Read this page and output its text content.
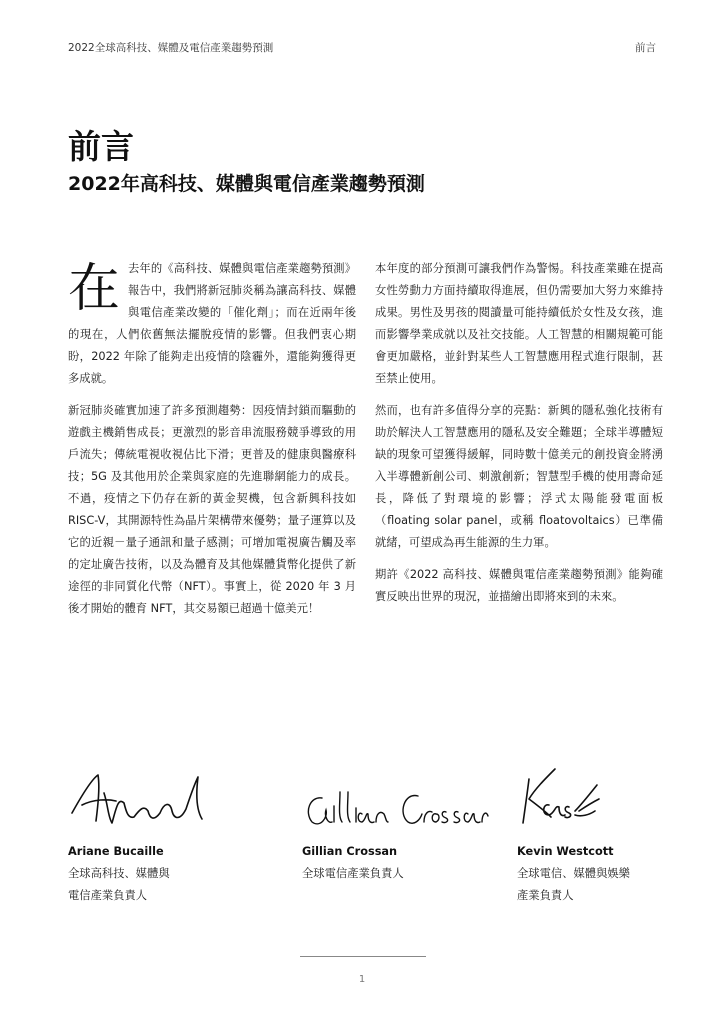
2022全球高科技、媒體及電信產業趨勢預測	前言
前言
2022年高科技、媒體與電信產業趨勢預測

在 去年的《高科技、媒體與電信產業趨勢預測》報告中，我們將新冠肺炎稱為讓高科技、媒體與電信產業改變的「催化劑」；而在近兩年後的現在，人們依舊無法擺脫疫情的影響。但我們衷心期盼，2022 年除了能夠走出疫情的陰霾外，還能夠獲得更多成就。

新冠肺炎確實加速了許多預測趨勢：因疫情封鎖而驅動的遊戲主機銷售成長；更激烈的影音串流服務競爭導致的用戶流失；傳統電視收視佔比下滑；更普及的健康與醫療科技；5G 及其他用於企業與家庭的先進聯網能力的成長。不過，疫情之下仍存在新的黃金契機，包含新興科技如 RISC-V，其開源特性為晶片架構帶來優勢；量子運算以及它的近親－量子通訊和量子感測；可增加電視廣告觸及率的定址廣告技術，以及為體育及其他媒體貨幣化提供了新途徑的非同質化代幣（NFT）。事實上，從 2020 年 3 月後才開始的體育 NFT，其交易額已超過十億美元！

本年度的部分預測可讓我們作為警惕。科技產業雖在提高女性勞動力方面持續取得進展，但仍需要加大努力來維持成果。男性及男孩的閱讀量可能持續低於女性及女孩，進而影響學業成就以及社交技能。人工智慧的相關規範可能會更加嚴格，並針對某些人工智慧應用程式進行限制，甚至禁止使用。

然而，也有許多值得分享的亮點：新興的隱私強化技術有助於解決人工智慧應用的隱私及安全難題；全球半導體短缺的現象可望獲得緩解，同時數十億美元的創投資金將湧入半導體新創公司、刺激創新；智慧型手機的使用壽命延長，降低了對環境的影響；浮式太陽能發電面板（floating solar panel，或稱 floatovoltaics）已準備就緒，可望成為再生能源的生力軍。

期許《2022 高科技、媒體與電信產業趨勢預測》能夠確實反映出世界的現況，並描繪出即將來到的未來。

Ariane Bucaille
全球高科技、媒體與
電信產業負責人
Gillian Crossan
全球電信產業負責人
Kevin Westcott
全球電信、媒體與娛樂
產業負責人
1
